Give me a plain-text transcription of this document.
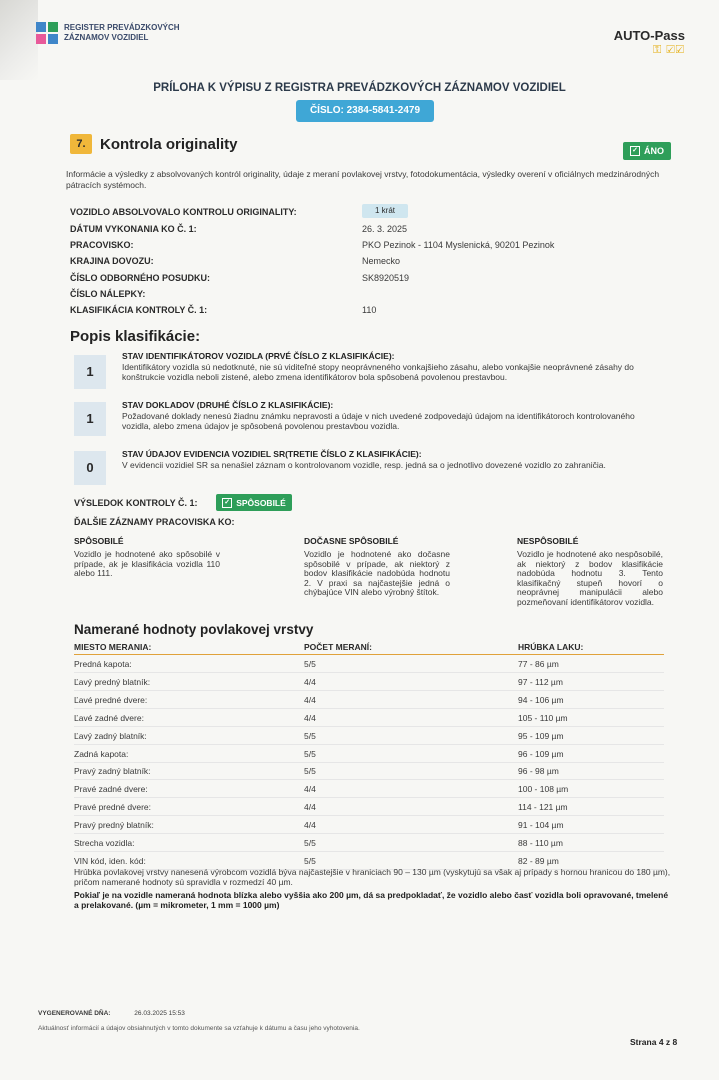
REGISTER PREVÁDZKOVÝCH
ZÁZNAMOV VOZIDIEL	AUTO-Pass
⚿ ☑☑
PRÍLOHA K VÝPISU Z REGISTRA PREVÁDZKOVÝCH ZÁZNAMOV VOZIDIEL
ČÍSLO: 2384-5841-2479
7. Kontrola originality	✓ ÁNO
Informácie a výsledky z absolvovaných kontról originality, údaje z meraní povlakovej vrstvy, fotodokumentácia, výsledky overení v oficiálnych medzinárodných pátracích systémoch.
VOZIDLO ABSOLVOVALO KONTROLU ORIGINALITY:	1 krát
DÁTUM VYKONANIA KO Č. 1:	26. 3. 2025
PRACOVISKO:	PKO Pezinok - 1104 Myslenická, 90201 Pezinok
KRAJINA DOVOZU:	Nemecko
ČÍSLO ODBORNÉHO POSUDKU:	SK8920519
ČÍSLO NÁLEPKY:
KLASIFIKÁCIA KONTROLY Č. 1:	110
Popis klasifikácie:
1
STAV IDENTIFIKÁTOROV VOZIDLA (PRVÉ ČÍSLO Z KLASIFIKÁCIE):
Identifikátory vozidla sú nedotknuté, nie sú viditeľné stopy neoprávneného vonkajšieho zásahu, alebo vonkajšie neoprávnené zásahy do konštrukcie vozidla neboli zistené, alebo zmena identifikátorov bola spôsobená povolenou prestavbou.
1
STAV DOKLADOV (DRUHÉ ČÍSLO Z KLASIFIKÁCIE):
Požadované doklady nenesú žiadnu známku nepravosti a údaje v nich uvedené zodpovedajú údajom na identifikátoroch kontrolovaného vozidla, alebo zmena údajov je spôsobená povolenou prestavbou vozidla.
0
STAV ÚDAJOV EVIDENCIA VOZIDIEL SR(TRETIE ČÍSLO Z KLASIFIKÁCIE):
V evidencii vozidiel SR sa nenašiel záznam o kontrolovanom vozidle, resp. jedná sa o jednotlivo dovezené vozidlo zo zahraničia.
VÝSLEDOK KONTROLY Č. 1:	✓ SPÔSOBILÉ
ĎALŠIE ZÁZNAMY PRACOVISKA KO:
SPÔSOBILÉ
Vozidlo je hodnotené ako spôsobilé v prípade, ak je klasifikácia vozidla 110 alebo 111.
DOČASNE SPÔSOBILÉ
Vozidlo je hodnotené ako dočasne spôsobilé v prípade, ak niektorý z bodov klasifikácie nadobúda hodnotu 2. V praxi sa najčastejšie jedná o chýbajúce VIN alebo výrobný štítok.
NESPÔSOBILÉ
Vozidlo je hodnotené ako nespôsobilé, ak niektorý z bodov klasifikácie nadobúda hodnotu 3. Tento klasifikačný stupeň hovorí o neoprávnej manipulácii alebo pozmeňovaní identifikátorov vozidla.
Namerané hodnoty povlakovej vrstvy
MIESTO MERANIA:	POČET MERANÍ:	HRÚBKA LAKU:
Predná kapota:	5/5	77 - 86 µm
Ľavý predný blatník:	4/4	97 - 112 µm
Ľavé predné dvere:	4/4	94 - 106 µm
Ľavé zadné dvere:	4/4	105 - 110 µm
Ľavý zadný blatník:	5/5	95 - 109 µm
Zadná kapota:	5/5	96 - 109 µm
Pravý zadný blatník:	5/5	96 - 98 µm
Pravé zadné dvere:	4/4	100 - 108 µm
Pravé predné dvere:	4/4	114 - 121 µm
Pravý predný blatník:	4/4	91 - 104 µm
Strecha vozidla:	5/5	88 - 110 µm
VIN kód, iden. kód:	5/5	82 - 89 µm
Hrúbka povlakovej vrstvy nanesená výrobcom vozidlá býva najčastejšie v hraniciach 90 – 130 µm (vyskytujú sa však aj prípady s hornou hranicou do 180 µm), pričom namerané hodnoty sú spravidla v rozmedzí 40 µm.
Pokiaľ je na vozidle nameraná hodnota blízka alebo vyššia ako 200 µm, dá sa predpokladať, že vozidlo alebo časť vozidla boli opravované, tmelené a prelakované. (µm = mikrometer, 1 mm = 1000 µm)
VYGENEROVANÉ DŇA:	26.03.2025 15:53
Aktuálnosť informácií a údajov obsiahnutých v tomto dokumente sa vzťahuje k dátumu a času jeho vyhotovenia.
Strana 4 z 8
